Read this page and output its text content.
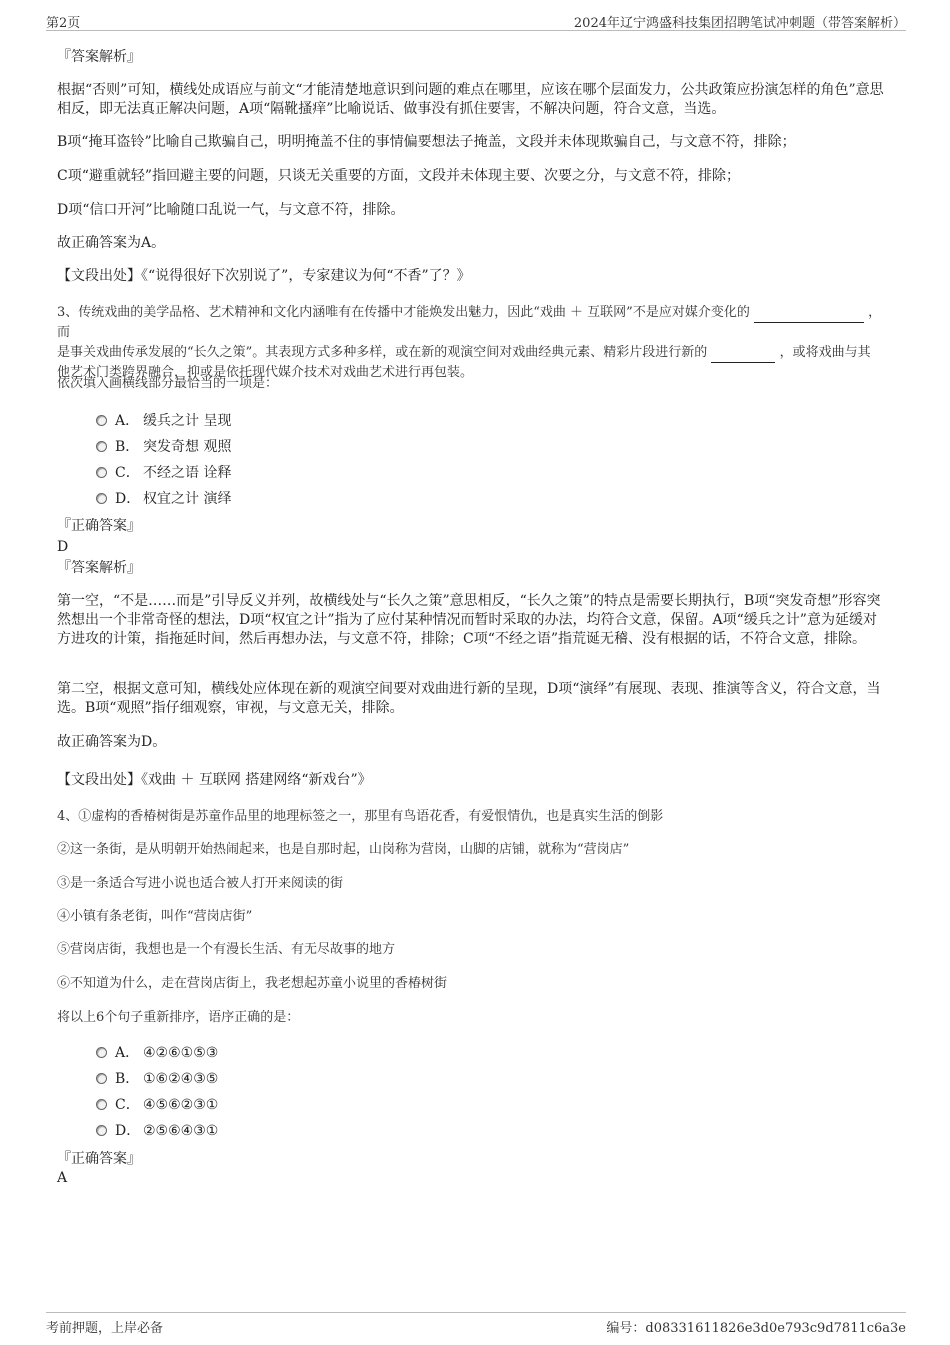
第2页	2024年辽宁鸿盛科技集团招聘笔试冲刺题（带答案解析）
『答案解析』
根据“否则”可知，横线处成语应与前文“才能清楚地意识到问题的难点在哪里，应该在哪个层面发力，公共政策应扮演怎样的角色”意思相反，即无法真正解决问题，A项“隔靴搔痒”比喻说话、做事没有抓住要害，不解决问题，符合文意，当选。
B项“掩耳盗铃”比喻自己欺骗自己，明明掩盖不住的事情偏要想法子掩盖，文段并未体现欺骗自己，与文意不符，排除；
C项“避重就轻”指回避主要的问题，只谈无关重要的方面，文段并未体现主要、次要之分，与文意不符，排除；
D项“信口开河”比喻随口乱说一气，与文意不符，排除。
故正确答案为A。
【文段出处】《“说得很好下次别说了”，专家建议为何“不香”了？》
3、传统戏曲的美学品格、艺术精神和文化内涵唯有在传播中才能焕发出魅力，因此“戏曲 ＋ 互联网”不是应对媒介变化的	，而
是事关戏曲传承发展的“长久之策”。其表现方式多种多样，或在新的观演空间对戏曲经典元素、精彩片段进行新的	，或将戏曲与其
他艺术门类跨界融合，抑或是依托现代媒介技术对戏曲艺术进行再包装。
依次填入画横线部分最恰当的一项是：
A． 缓兵之计 呈现
B． 突发奇想 观照
C． 不经之语 诠释
D． 权宜之计 演绎
『正确答案』
D
『答案解析』
第一空，“不是……而是”引导反义并列，故横线处与“长久之策”意思相反，“长久之策”的特点是需要长期执行，B项“突发奇想”形容突然想出一个非常奇怪的想法，D项“权宜之计”指为了应付某种情况而暂时采取的办法，均符合文意，保留。A项“缓兵之计”意为延缓对方进攻的计策，指拖延时间，然后再想办法，与文意不符，排除；C项“不经之语”指荒诞无稽、没有根据的话，不符合文意，排除。
第二空，根据文意可知，横线处应体现在新的观演空间要对戏曲进行新的呈现，D项“演绎”有展现、表现、推演等含义，符合文意，当选。B项“观照”指仔细观察，审视，与文意无关，排除。
故正确答案为D。
【文段出处】《戏曲 ＋ 互联网 搭建网络“新戏台”》
4、①虚构的香椿树街是苏童作品里的地理标签之一，那里有鸟语花香，有爱恨情仇，也是真实生活的倒影
②这一条街，是从明朝开始热闹起来，也是自那时起，山岗称为营岗，山脚的店铺，就称为“营岗店”
③是一条适合写进小说也适合被人打开来阅读的街
④小镇有条老街，叫作“营岗店街”
⑤营岗店街，我想也是一个有漫长生活、有无尽故事的地方
⑥不知道为什么，走在营岗店街上，我老想起苏童小说里的香椿树街
将以上6个句子重新排序，语序正确的是：
A． ④②⑥①⑤③
B． ①⑥②④③⑤
C． ④⑤⑥②③①
D． ②⑤⑥④③①
『正确答案』
A
考前押题，上岸必备	编号：d08331611826e3d0e793c9d7811c6a3e
